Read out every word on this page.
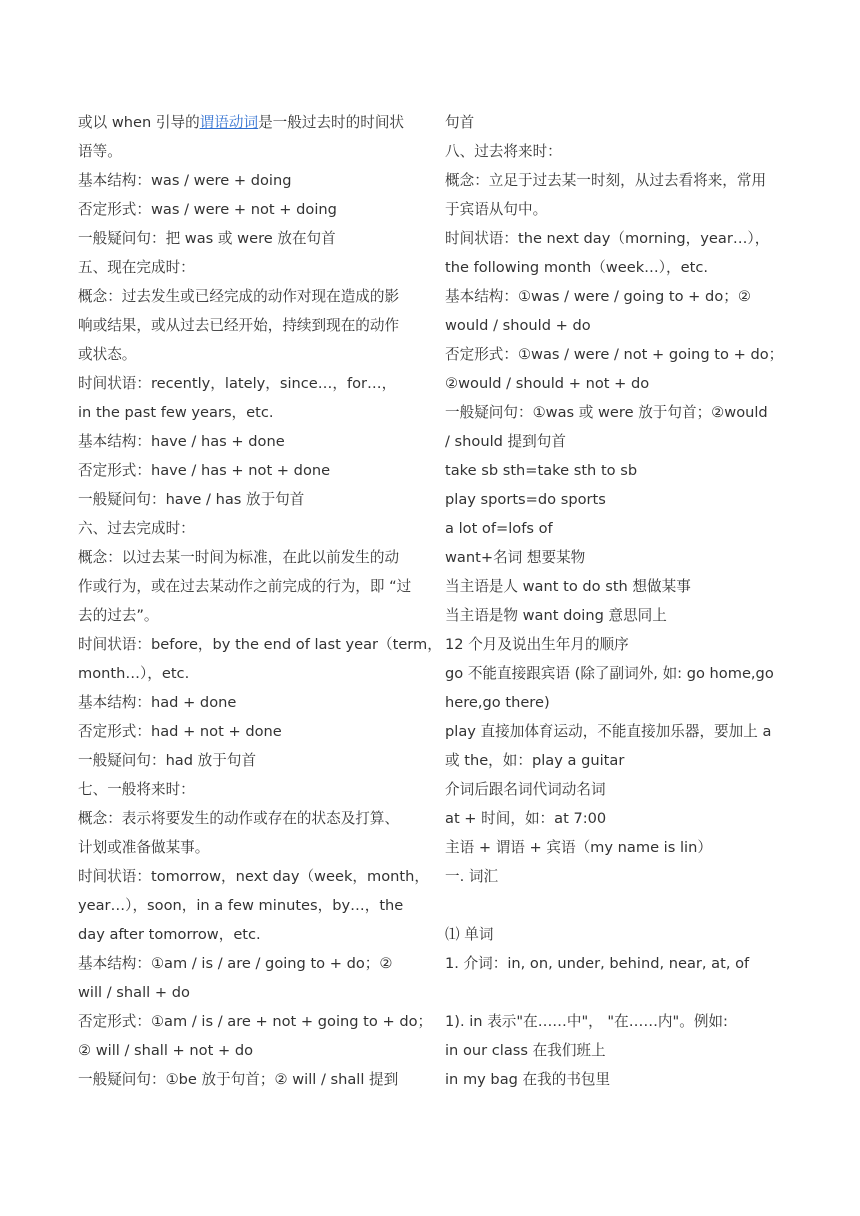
或以 when 引导的谓语动词是一般过去时的时间状
语等。
基本结构：was / were + doing
否定形式：was / were + not + doing
一般疑问句：把 was 或 were 放在句首
五、现在完成时：
概念：过去发生或已经完成的动作对现在造成的影
响或结果，或从过去已经开始，持续到现在的动作
或状态。
时间状语：recently，lately，since…，for…，
in the past few years，etc.
基本结构：have / has + done
否定形式：have / has + not + done
一般疑问句：have / has 放于句首
六、过去完成时：
概念：以过去某一时间为标准，在此以前发生的动
作或行为，或在过去某动作之前完成的行为，即 “过
去的过去”。
时间状语：before，by the end of last year（term，
month…），etc.
基本结构：had + done
否定形式：had + not + done
一般疑问句：had 放于句首
七、一般将来时：
概念：表示将要发生的动作或存在的状态及打算、
计划或准备做某事。
时间状语：tomorrow，next day（week，month，
year…），soon，in a few minutes，by…，the
day after tomorrow，etc.
基本结构：①am / is / are / going to + do；②
will / shall + do
否定形式：①am / is / are + not + going to + do；
② will / shall + not + do
一般疑问句：①be 放于句首；② will / shall 提到
句首
八、过去将来时：
概念：立足于过去某一时刻，从过去看将来，常用
于宾语从句中。
时间状语：the next day（morning，year…），
the following month（week…），etc.
基本结构：①was / were / going to + do；②
would / should + do
否定形式：①was / were / not + going to + do；
②would / should + not + do
一般疑问句：①was 或 were 放于句首；②would
/ should 提到句首
take sb sth=take sth to sb
play sports=do sports
a lot of=lofs of
want+名词 想要某物
当主语是人 want to do sth 想做某事
当主语是物 want doing 意思同上
12 个月及说出生年月的顺序
go 不能直接跟宾语 (除了副词外, 如: go home,go
here,go there)
play 直接加体育运动，不能直接加乐器，要加上 a
或 the，如：play a guitar
介词后跟名词代词动名词
at + 时间，如：at 7:00
主语 + 谓语 + 宾语（my name is lin）
一. 词汇
⑴ 单词
1. 介词：in, on, under, behind, near, at, of
1). in 表示"在……中"， "在……内"。例如:
in our class 在我们班上
in my bag 在我的书包里
